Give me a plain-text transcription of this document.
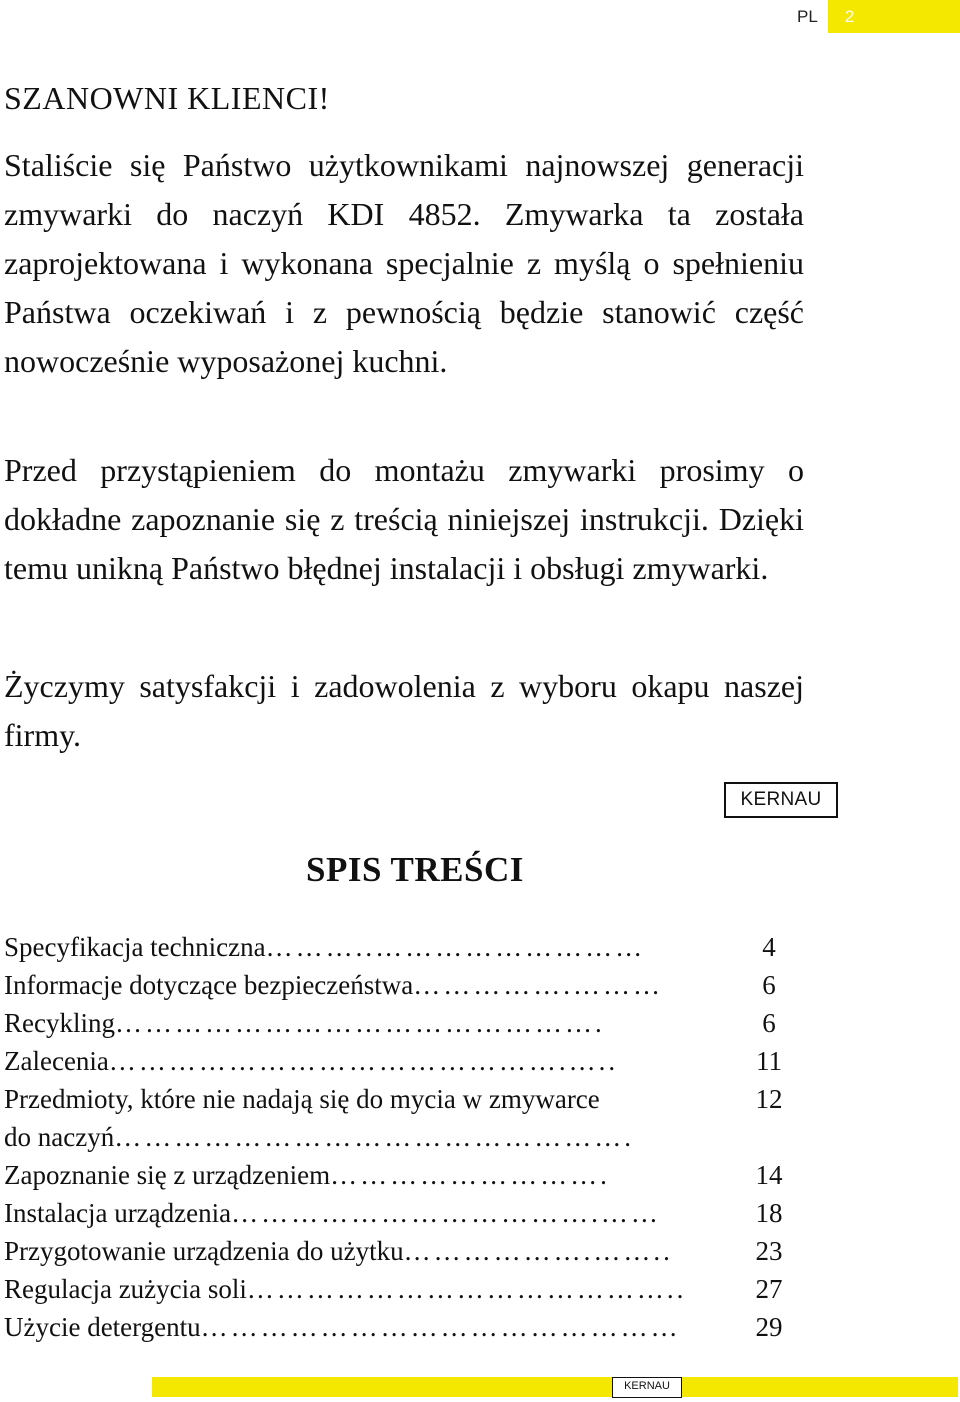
PL	2
SZANOWNI KLIENCI!

Staliście się Państwo użytkownikami najnowszej generacji zmywarki do naczyń KDI 4852. Zmywarka ta została zaprojektowana i wykonana specjalnie z myślą o spełnieniu Państwa oczekiwań i z pewnością będzie stanowić część nowocześnie wyposażonej kuchni.

Przed przystąpieniem do montażu zmywarki prosimy o dokładne zapoznanie się z treścią niniejszej instrukcji. Dzięki temu unikną Państwo błędnej instalacji i obsługi zmywarki.

Życzymy satysfakcji i zadowolenia z wyboru okapu naszej firmy.

KERNAU
SPIS TREŚCI
Specyfikacja techniczna ………..………………………	4
Informacje dotyczące bezpieczeństwa …………….………	6
Recykling ………………………………………….	6
Zalecenia ……………………………………….…..	11
Przedmioty, które nie nadają się do mycia w zmywarce	12
do naczyń …………………………………………….
Zapoznanie się z urządzeniem ……………………….	14
Instalacja urządzenia ……………………………….……	18
Przygotowanie urządzenia do użytku ……………….……..	23
Regulacja zużycia soli ……………………………………..	27
Użycie detergentu …………………………………………	29
KERNAU
